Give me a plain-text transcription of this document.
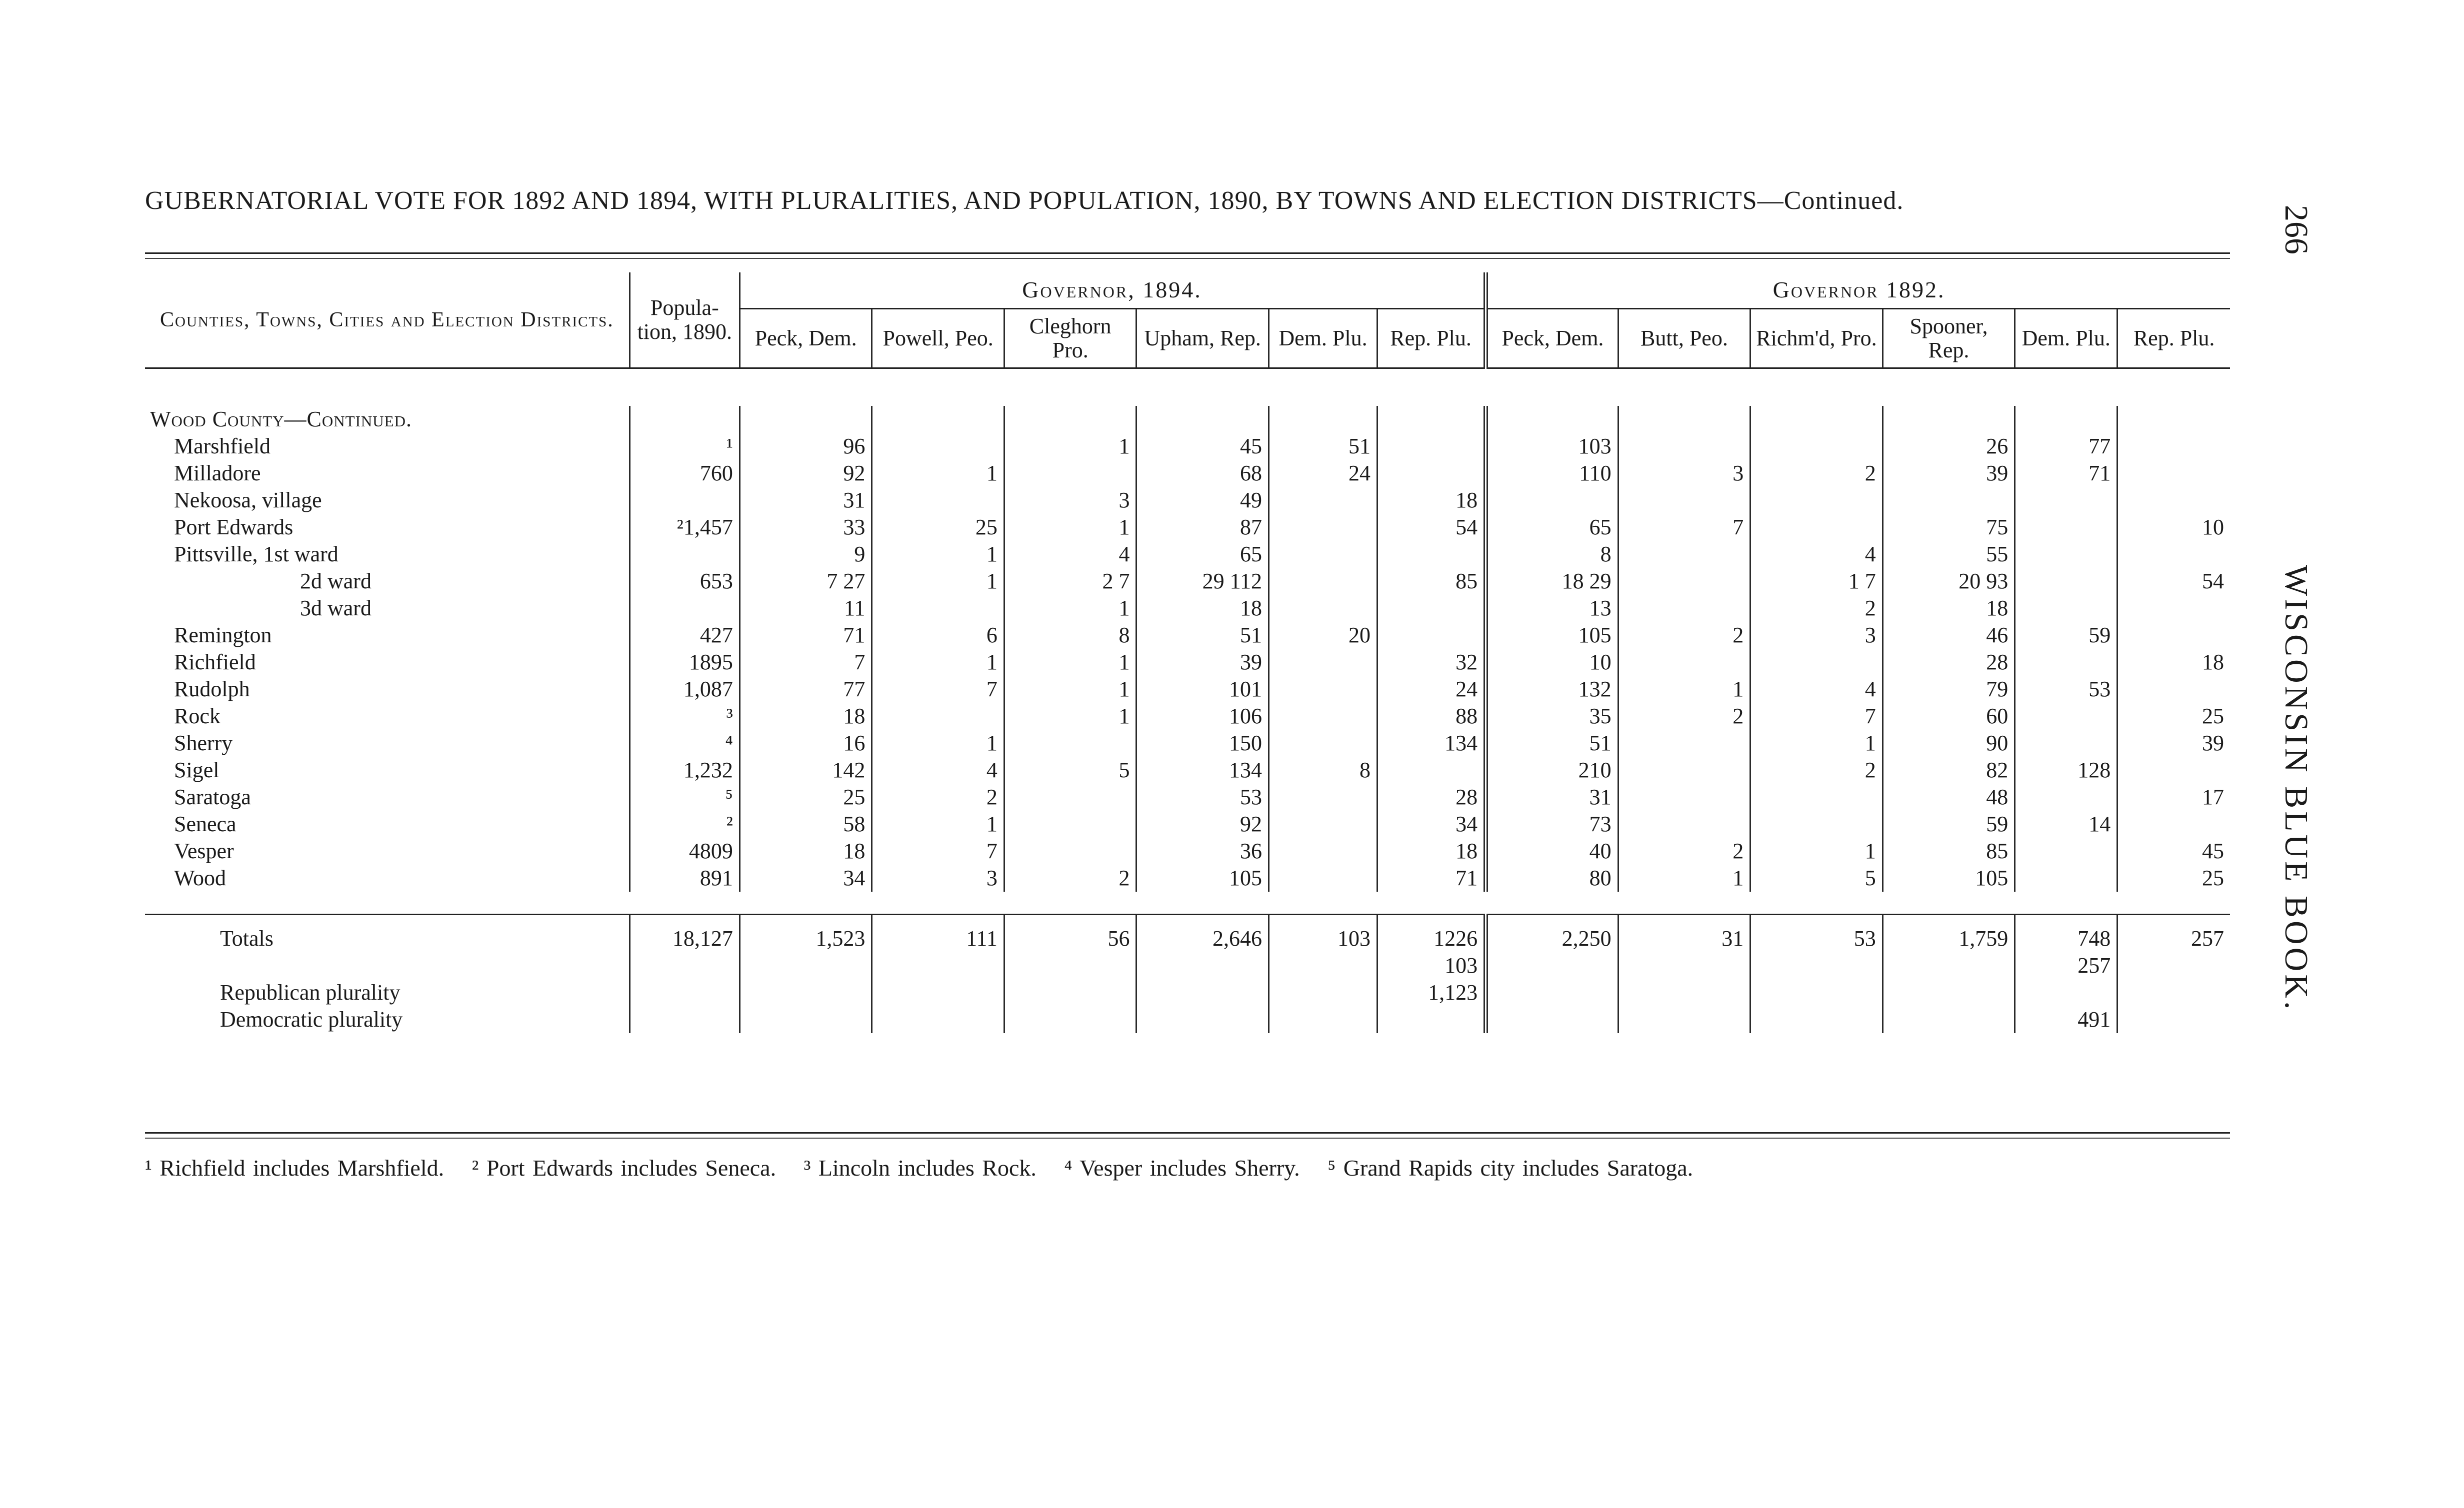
GUBERNATORIAL VOTE FOR 1892 AND 1894, WITH PLURALITIES, AND POPULATION, 1890, BY TOWNS AND ELECTION DISTRICTS—Continued.
266
WISCONSIN BLUE BOOK.
Counties, Towns, Cities and Election Districts.	Popula-tion, 1890.	Governor, 1894.						Governor 1892.					
		Peck, Dem.	Powell, Peo.	Cleghorn Pro.	Upham, Rep.	Dem. Plu.	Rep. Plu.	Peck, Dem.	Butt, Peo.	Richm'd, Pro.	Spooner, Rep.	Dem. Plu.	Rep. Plu.

Wood County—Continued.													
Marshfield	¹	96		1	45	51		103			26	77	
Milladore	760	92	1		68	24		110	3	2	39	71	
Nekoosa, village		31		3	49		18						
Port Edwards	²1,457	33	25	1	87		54	65	7		75		10
Pittsville, 1st ward		9	1	4	65			8		4	55		
2d ward	653	7 27	1	2 7	29 112		85	18 29		1 7	20 93		54
3d ward		11		1	18			13		2	18		
Remington	427	71	6	8	51	20		105	2	3	46	59	
Richfield	1895	7	1	1	39		32	10			28		18
Rudolph	1,087	77	7	1	101		24	132	1	4	79	53	
Rock	³	18		1	106		88	35	2	7	60		25
Sherry	⁴	16	1		150		134	51		1	90		39
Sigel	1,232	142	4	5	134	8		210		2	82	128	
Saratoga	⁵	25	2		53		28	31			48		17
Seneca	²	58	1		92		34	73			59	14	
Vesper	4809	18	7		36		18	40	2	1	85		45
Wood	891	34	3	2	105		71	80	1	5	105		25

Totals	18,127	1,523	111	56	2,646	103	1226	2,250	31	53	1,759	748	257
							103					257	
Republican plurality							1,123						
Democratic plurality												491	
¹ Richfield includes Marshfield. ² Port Edwards includes Seneca. ³ Lincoln includes Rock. ⁴ Vesper includes Sherry. ⁵ Grand Rapids city includes Saratoga.
